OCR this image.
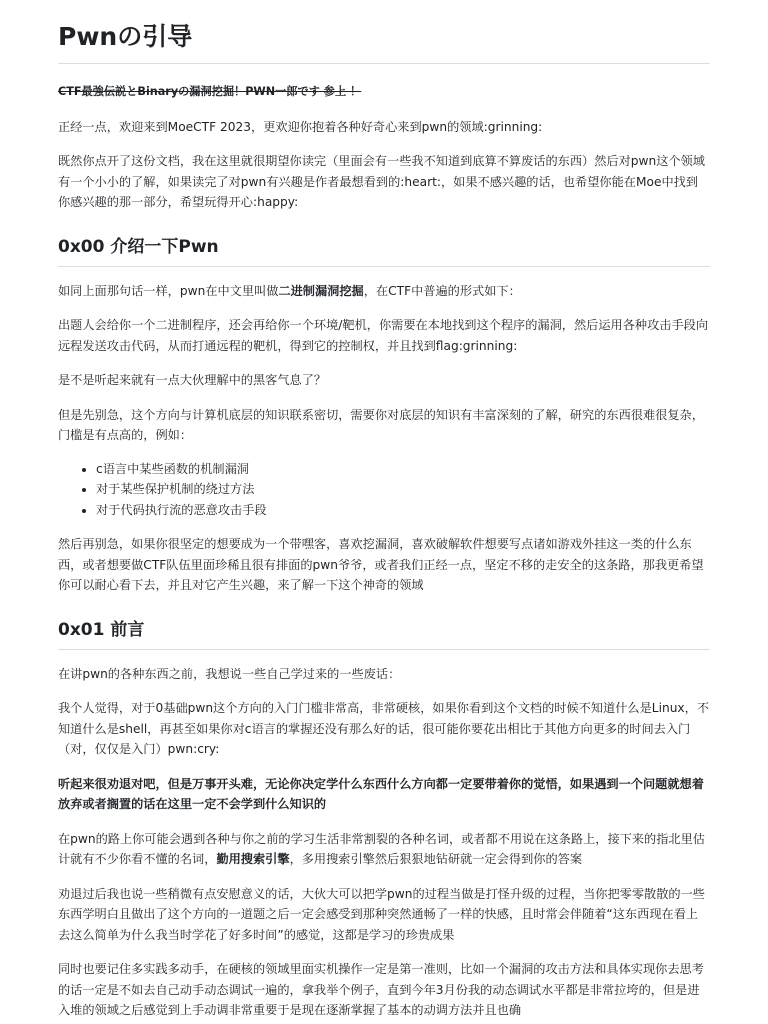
Pwnの引导

CTF最強伝説とBinaryの漏洞挖掘！PWN一郎です 参上 ！

正经一点，欢迎来到MoeCTF 2023，更欢迎你抱着各种好奇心来到pwn的领域:grinning:

既然你点开了这份文档，我在这里就很期望你读完（里面会有一些我不知道到底算不算废话的东西）然后对pwn这个领域有一个小小的了解，如果读完了对pwn有兴趣是作者最想看到的:heart:，如果不感兴趣的话，也希望你能在Moe中找到你感兴趣的那一部分，希望玩得开心:happy:

0x00 介绍一下Pwn

如同上面那句话一样，pwn在中文里叫做二进制漏洞挖掘，在CTF中普遍的形式如下：

出题人会给你一个二进制程序，还会再给你一个环境/靶机，你需要在本地找到这个程序的漏洞，然后运用各种攻击手段向远程发送攻击代码，从而打通远程的靶机，得到它的控制权，并且找到flag:grinning:

是不是听起来就有一点大伙理解中的黑客气息了？

但是先别急，这个方向与计算机底层的知识联系密切，需要你对底层的知识有丰富深刻的了解，研究的东西很难很复杂，门槛是有点高的，例如：

• c语言中某些函数的机制漏洞
• 对于某些保护机制的绕过方法
• 对于代码执行流的恶意攻击手段

然后再别急，如果你很坚定的想要成为一个带嘿客，喜欢挖漏洞，喜欢破解软件想要写点诸如游戏外挂这一类的什么东西，或者想要做CTF队伍里面珍稀且很有排面的pwn爷爷，或者我们正经一点，坚定不移的走安全的这条路，那我更希望你可以耐心看下去，并且对它产生兴趣，来了解一下这个神奇的领域

0x01 前言

在讲pwn的各种东西之前，我想说一些自己学过来的一些废话：

我个人觉得，对于0基础pwn这个方向的入门门槛非常高，非常硬核，如果你看到这个文档的时候不知道什么是Linux，不知道什么是shell，再甚至如果你对c语言的掌握还没有那么好的话，很可能你要花出相比于其他方向更多的时间去入门（对，仅仅是入门）pwn:cry:

听起来很劝退对吧，但是万事开头难，无论你决定学什么东西什么方向都一定要带着你的觉悟，如果遇到一个问题就想着放弃或者搁置的话在这里一定不会学到什么知识的

在pwn的路上你可能会遇到各种与你之前的学习生活非常割裂的各种名词，或者都不用说在这条路上，接下来的指北里估计就有不少你看不懂的名词，勤用搜索引擎，多用搜索引擎然后狠狠地钻研就一定会得到你的答案

劝退过后我也说一些稍微有点安慰意义的话，大伙大可以把学pwn的过程当做是打怪升级的过程，当你把零零散散的一些东西学明白且做出了这个方向的一道题之后一定会感受到那种突然通畅了一样的快感，且时常会伴随着“这东西现在看上去这么简单为什么我当时学花了好多时间”的感觉，这都是学习的珍贵成果

同时也要记住多实践多动手，在硬核的领域里面实机操作一定是第一准则，比如一个漏洞的攻击方法和具体实现你去思考的话一定是不如去自己动手动态调试一遍的，拿我举个例子，直到今年3月份我的动态调试水平都是非常拉垮的，但是进入堆的领域之后感觉到上手动调非常重要于是现在逐渐掌握了基本的动调方法并且也确
